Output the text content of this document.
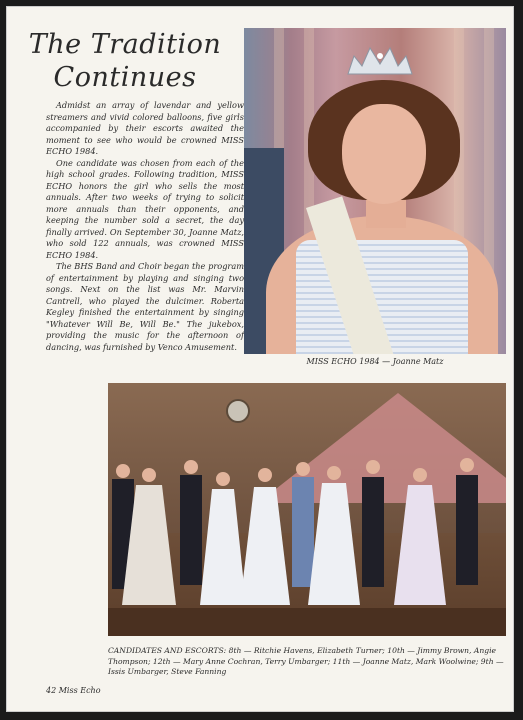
The Tradition
Continues

Admidst an array of lavendar and yellow streamers and vivid colored balloons, five girls accompanied by their escorts awaited the moment to see who would be crowned MISS ECHO 1984.

One candidate was chosen from each of the high school grades. Following tradition, MISS ECHO honors the girl who sells the most annuals. After two weeks of trying to solicit more annuals than their opponents, and keeping the number sold a secret, the day finally arrived. On September 30, Joanne Matz, who sold 122 annuals, was crowned MISS ECHO 1984.

The BHS Band and Choir began the program of entertainment by playing and singing two songs. Next on the list was Mr. Marvin Cantrell, who played the dulcimer. Roberta Kegley finished the entertainment by singing "Whatever Will Be, Will Be." The jukebox, providing the music for the afternoon of dancing, was furnished by Venco Amusement.

MISS ECHO 1984 — Joanne Matz
CANDIDATES AND ESCORTS: 8th — Ritchie Havens, Elizabeth Turner; 10th — Jimmy Brown, Angie Thompson; 12th — Mary Anne Cochran, Terry Umbarger; 11th — Joanne Matz, Mark Woolwine; 9th — Issis Umbarger, Steve Fanning
42 Miss Echo
